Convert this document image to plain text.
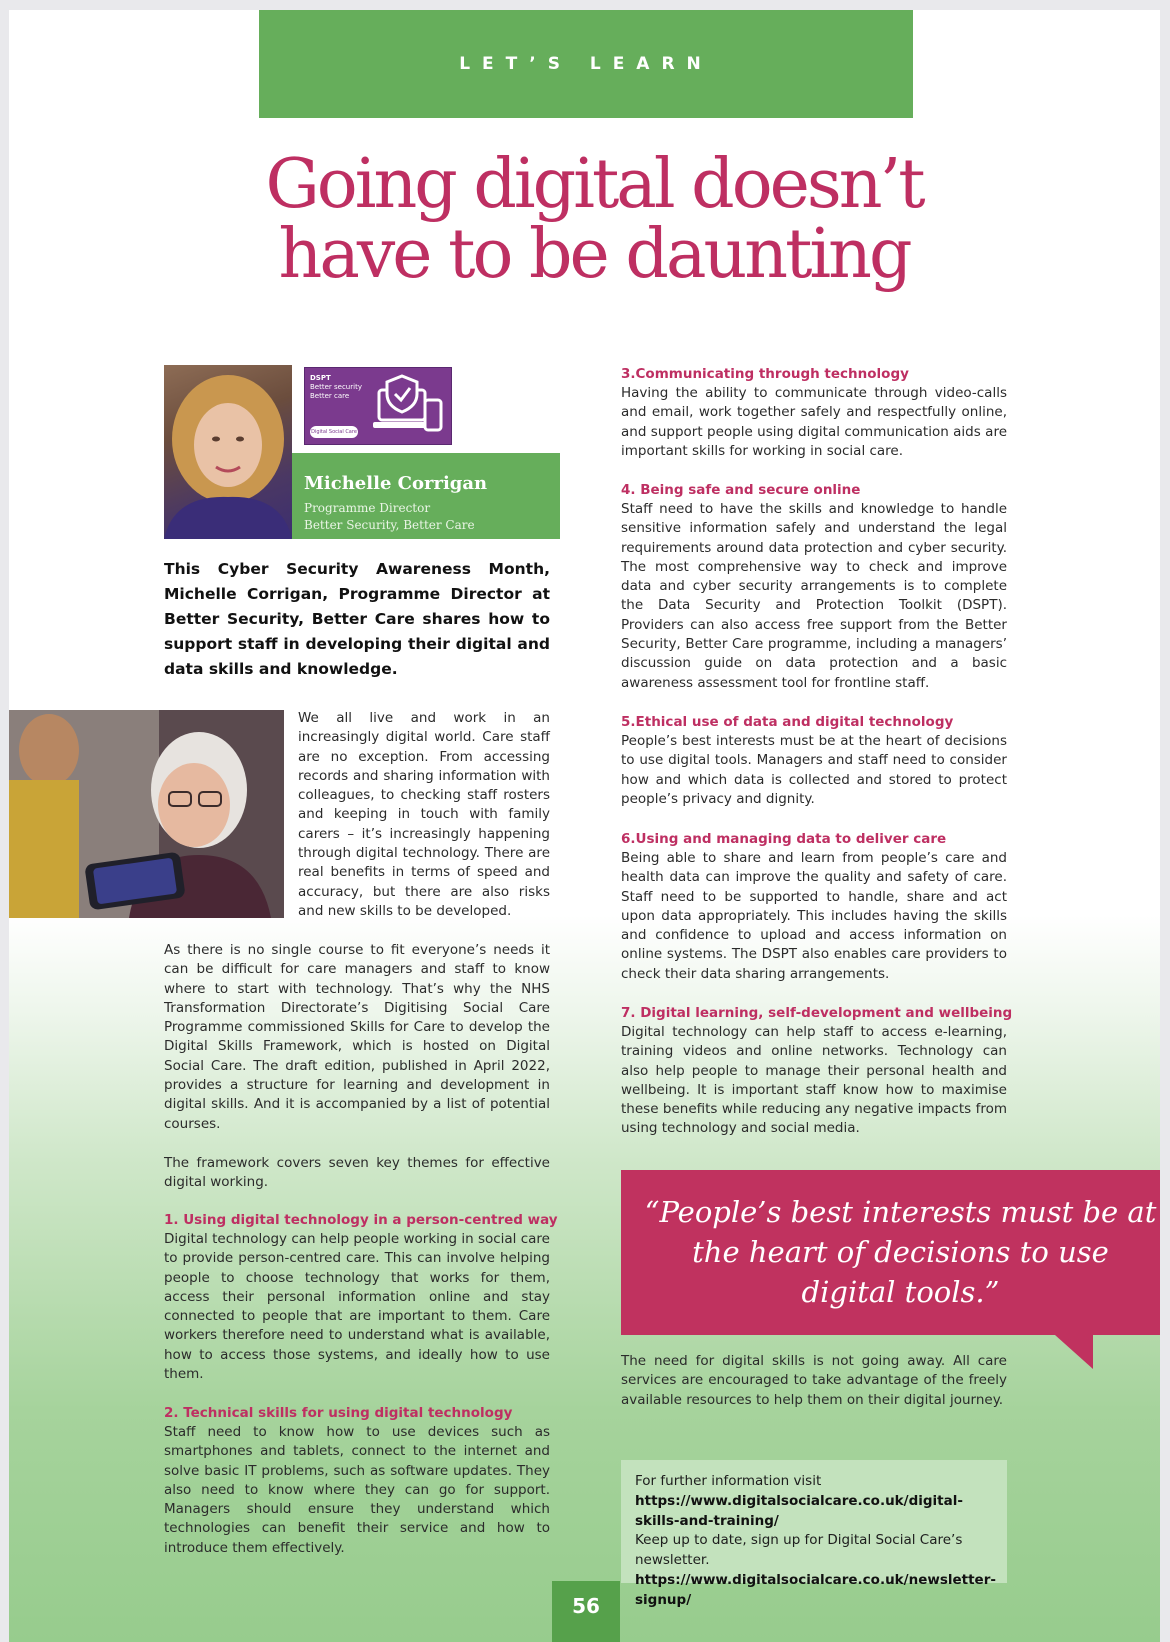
LET’S LEARN
Going digital doesn’t
have to be daunting
DSPT
Better security
Better care
Digital Social Care
Michelle Corrigan
Programme Director
Better Security, Better Care

This Cyber Security Awareness Month, Michelle Corrigan, Programme Director at Better Security, Better Care shares how to support staff in developing their digital and data skills and knowledge.

We all live and work in an increasingly digital world. Care staff are no exception. From accessing records and sharing information with colleagues, to checking staff rosters and keeping in touch with family carers – it’s increasingly happening through digital technology. There are real benefits in terms of speed and accuracy, but there are also risks and new skills to be developed.

As there is no single course to fit everyone’s needs it can be difficult for care managers and staff to know where to start with technology. That’s why the NHS Transformation Directorate’s Digitising Social Care Programme commissioned Skills for Care to develop the Digital Skills Framework, which is hosted on Digital Social Care. The draft edition, published in April 2022, provides a structure for learning and development in digital skills. And it is accompanied by a list of potential courses.

The framework covers seven key themes for effective digital working.

1. Using digital technology in a person-centred way

Digital technology can help people working in social care to provide person-centred care. This can involve helping people to choose technology that works for them, access their personal information online and stay connected to people that are important to them. Care workers therefore need to understand what is available, how to access those systems, and ideally how to use them.

2. Technical skills for using digital technology

Staff need to know how to use devices such as smartphones and tablets, connect to the internet and solve basic IT problems, such as software updates. They also need to know where they can go for support. Managers should ensure they understand which technologies can benefit their service and how to introduce them effectively.

3.Communicating through technology

Having the ability to communicate through video-calls and email, work together safely and respectfully online, and support people using digital communication aids are important skills for working in social care.

4. Being safe and secure online

Staff need to have the skills and knowledge to handle sensitive information safely and understand the legal requirements around data protection and cyber security. The most comprehensive way to check and improve data and cyber security arrangements is to complete the Data Security and Protection Toolkit (DSPT). Providers can also access free support from the Better Security, Better Care programme, including a managers’ discussion guide on data protection and a basic awareness assessment tool for frontline staff.

5.Ethical use of data and digital technology

People’s best interests must be at the heart of decisions to use digital tools. Managers and staff need to consider how and which data is collected and stored to protect people’s privacy and dignity.

6.Using and managing data to deliver care

Being able to share and learn from people’s care and health data can improve the quality and safety of care. Staff need to be supported to handle, share and act upon data appropriately. This includes having the skills and confidence to upload and access information on online systems. The DSPT also enables care providers to check their data sharing arrangements.

7. Digital learning, self-development and wellbeing

Digital technology can help staff to access e-learning, training videos and online networks. Technology can also help people to manage their personal health and wellbeing. It is important staff know how to maximise these benefits while reducing any negative impacts from using technology and social media.

“People’s best interests must be at the heart of decisions to use digital tools.”

The need for digital skills is not going away. All care services are encouraged to take advantage of the freely available resources to help them on their digital journey.

For further information visit https://www.digitalsocialcare.co.uk/digital-skills-and-training/
Keep up to date, sign up for Digital Social Care’s newsletter. https://www.digitalsocialcare.co.uk/newsletter-signup/
56
